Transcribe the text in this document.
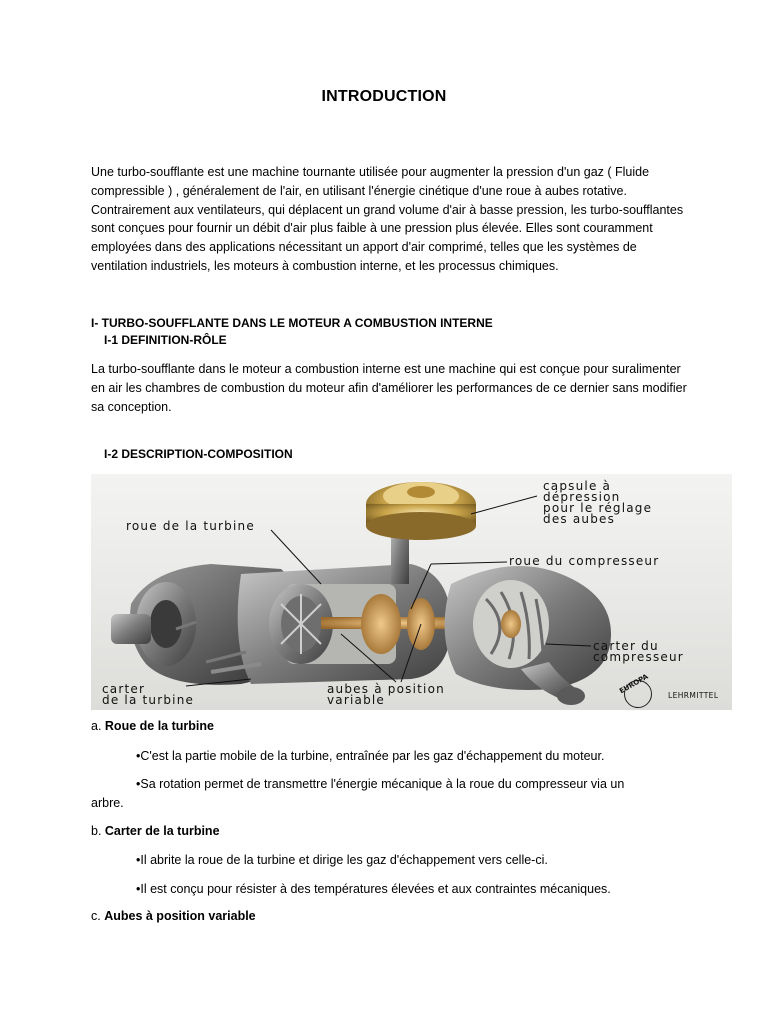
INTRODUCTION
Une turbo-soufflante est une machine tournante utilisée pour augmenter la pression d'un gaz ( Fluide compressible ) , généralement de l'air, en utilisant l'énergie cinétique d'une roue à aubes rotative. Contrairement aux ventilateurs, qui déplacent un grand volume d'air à basse pression, les turbo-soufflantes sont conçues pour fournir un débit d'air plus faible à une pression plus élevée. Elles sont couramment employées dans des applications nécessitant un apport d'air comprimé, telles que les systèmes de ventilation industriels, les moteurs à combustion interne, et les processus chimiques.
I- TURBO-SOUFFLANTE DANS LE MOTEUR A COMBUSTION INTERNE
I-1 DEFINITION-RÔLE
La turbo-soufflante dans le moteur a combustion interne est une machine qui est conçue pour suralimenter en air les chambres de combustion du moteur afin d'améliorer les performances de ce dernier sans modifier sa conception.
I-2 DESCRIPTION-COMPOSITION
capsule à
dépression
pour le réglage
des aubes
roue de la turbine
roue du compresseur
carter du
compresseur
carter
de la turbine
aubes à position
variable
EUROPA
LEHRMITTEL
a. Roue de la turbine
•C'est la partie mobile de la turbine, entraînée par les gaz d'échappement du moteur.
•Sa rotation permet de transmettre l'énergie mécanique à la roue du compresseur via un
arbre.
b. Carter de la turbine
•Il abrite la roue de la turbine et dirige les gaz d'échappement vers celle-ci.
•Il est conçu pour résister à des températures élevées et aux contraintes mécaniques.
c. Aubes à position variable
